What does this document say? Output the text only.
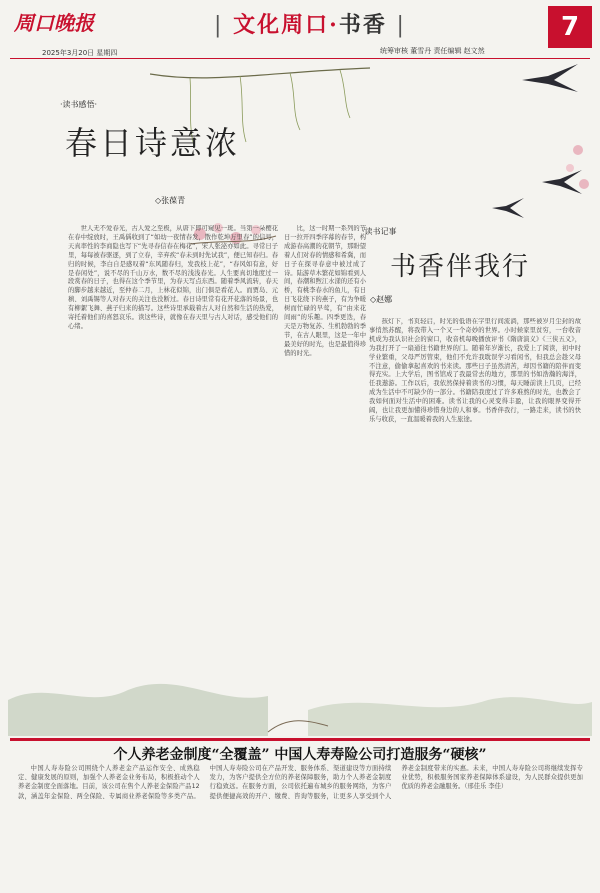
周口晚报
2025年3月20日 星期四
| 文化周口·书香 |
统筹审核 董雪丹 责任编辑 赵文然
7
·读书感悟·
春日诗意浓
◇张葆青
世人无不爱春光，古人爱之至极，从唐下即可窥见一斑。当第一朵樱花在春中绽放时，王禹偁收到了“如幼一夜情春发，散作乾坤万里春”的信号，天真率性的李商隐也写下“先寻春信春在梅花”，宋人张泌亦如此。寻常日子里，每每被春驱逐，到了立春，辛弃疾“春未到时先试我”，便已知春归。春归的时候，李白自是感叹着“东风随春归，发我枝上花”，“春风如有意，好是春闲处”，说不尽的千山万水，数不尽的浅浅春光。人生要真切地度过一段赏春的日子，也得在这个季节里，为春天写点东西。随着季风流转，春天的脚步越来越近，至仲春二月，上林花似锦，出门俱是看花人。而贾岛、元稹、刘禹锡等人对春天的关注也没断过。春日诗里常有花开花落的场景，也有柳絮飞舞、燕子归来的描写。这些诗里承载着古人对自然和生活的热爱，寄托着他们的喜怒哀乐。读这些诗，就像在春天里与古人对话，感受他们的心绪。
比，这一时期一系列的节日一拉开四季序幕的春节，构成游春高潮的花朝节，那盼望着人们对春的情感和希冀，而日子在探寻春意中被过成了诗。陆游草木繁花如锦看到人间，春潮和煦江水漾的还有小桥，有桃李春水的鱼儿，有日日飞花绕下的燕子，有为争暖树而忙碌的早莺，有“由来花间雨”的乐趣。四季更迭，春天是万物复苏、生机勃勃的季节，在古人眼里，这是一年中最美好的时光，也是最值得珍惜的时光。
·读书记事
书香伴我行
◇赵娜
孩灯下，书页轻启，时光的低语在字里行间流淌，那些被岁月尘封的故事悄然苏醒，将我带入一个又一个奇妙的世界。小时候家里贫穷，一台收音机成为我认识社会的窗口，收音机每晚播放评书《隋唐演义》《三侠五义》，为我打开了一扇通往书籍世界的门。随着年岁渐长，我爱上了阅读，初中时学业繁重，父母严厉管束，他们不允许我耽误学习看闲书，但我总会趁父母不注意，偷偷拿起喜欢的书来读。那些日子虽然清苦，却因书籍的陪伴而变得充实。上大学后，图书馆成了我最常去的地方，那里的书如浩瀚的海洋，任我遨游。工作以后，我依然保持着读书的习惯，每天睡前读上几页，已经成为生活中不可缺少的一部分。书籍陪我度过了许多难熬的时光，也教会了我如何面对生活中的困难。读书让我的心灵变得丰盈，让我的眼界变得开阔，也让我更加懂得珍惜身边的人和事。书香伴我行，一路走来，读书的快乐与收获，一直温暖着我的人生旅途。
个人养老金制度“全覆盖” 中国人寿寿险公司打造服务“硬核”
中国人寿寿险公司围绕个人养老金产品运作安全、成熟稳定、健康发展的原则，加强个人养老金业务布局，积极推动个人养老金制度全面落地。目前，该公司在售个人养老金保险产品12款，涵盖年金保险、两全保险、专属商业养老保险等多类产品。中国人寿寿险公司在产品开发、服务体系、渠道建设等方面持续发力，为客户提供全方位的养老保障服务，助力个人养老金制度行稳致远。在服务方面，公司依托遍布城乡的服务网络，为客户提供便捷高效的开户、缴费、咨询等服务，让更多人享受到个人养老金制度带来的实惠。未来，中国人寿寿险公司将继续发挥专业优势，积极服务国家养老保障体系建设，为人民群众提供更加优质的养老金融服务。（邢佳乐 李佳）
